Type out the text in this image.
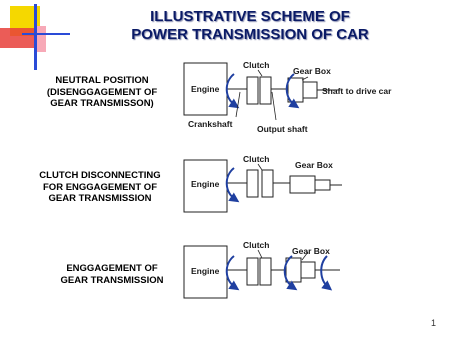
ILLUSTRATIVE SCHEME OF
POWER TRANSMISSION OF CAR
NEUTRAL POSITION
(DISENGGAGEMENT OF
GEAR TRANSMISSON)
Engine
Clutch
Gear Box
Shaft to drive car
Crankshaft	Output shaft
CLUTCH DISCONNECTING
FOR ENGGAGEMENT OF
GEAR TRANSMISSION
Engine
Clutch
Gear Box
ENGGAGEMENT OF
GEAR TRANSMISSION
Engine
Clutch
Gear Box
1
